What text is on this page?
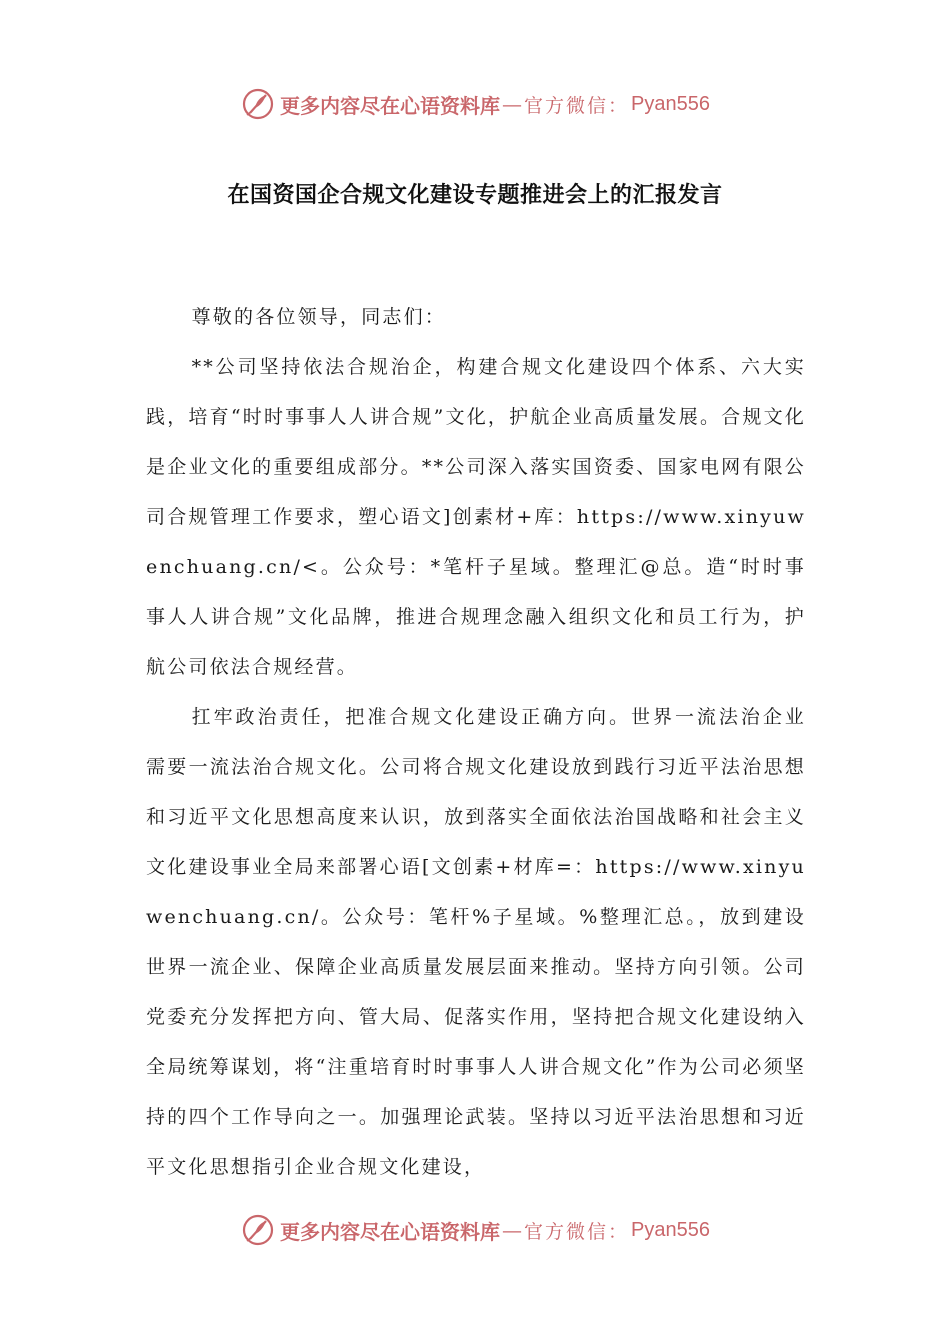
更多内容尽在心语资料库 — 官方微信： Pyan556
在国资国企合规文化建设专题推进会上的汇报发言

尊敬的各位领导，同志们：

**公司坚持依法合规治企，构建合规文化建设四个体系、六大实践，培育“时时事事人人讲合规”文化，护航企业高质量发展。合规文化是企业文化的重要组成部分。**公司深入落实国资委、国家电网有限公司合规管理工作要求，塑心语文]创素材+库：https://www.xinyuwenchuang.cn/<。公众号：*笔杆子星域。整理汇@总。造“时时事事人人讲合规”文化品牌，推进合规理念融入组织文化和员工行为，护航公司依法合规经营。

扛牢政治责任，把准合规文化建设正确方向。世界一流法治企业需要一流法治合规文化。公司将合规文化建设放到践行习近平法治思想和习近平文化思想高度来认识，放到落实全面依法治国战略和社会主义文化建设事业全局来部署心语[文创素+材库=：https://www.xinyuwenchuang.cn/。公众号：笔杆%子星域。%整理汇总。，放到建设世界一流企业、保障企业高质量发展层面来推动。坚持方向引领。公司党委充分发挥把方向、管大局、促落实作用，坚持把合规文化建设纳入全局统筹谋划，将“注重培育时时事事人人讲合规文化”作为公司必须坚持的四个工作导向之一。加强理论武装。坚持以习近平法治思想和习近平文化思想指引企业合规文化建设，

更多内容尽在心语资料库 — 官方微信： Pyan556
